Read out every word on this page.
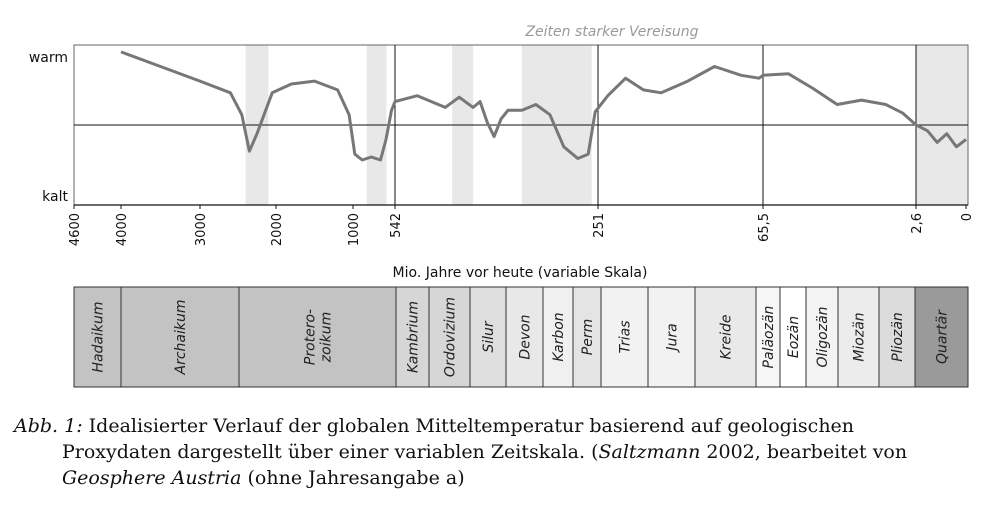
Zeiten starker Vereisung
warm
kalt
4600 4000	3000	2000	1000 542	251	65,5	2,6	0
Mio. Jahre vor heute (variable Skala)
Hadaikum	Archaikum	Protero- zoikum	Kambrium Ordovizium Silur Devon Karbon Perm Trias Jura	Kreide Paläozän Eozän Oligozän Miozän Pliozän Quartär
Abb. 1: Idealisierter Verlauf der globalen Mitteltemperatur basierend auf geologischen
Proxydaten dargestellt über einer variablen Zeitskala. (Saltzmann 2002, bearbeitet von
Geosphere Austria (ohne Jahresangabe a)
